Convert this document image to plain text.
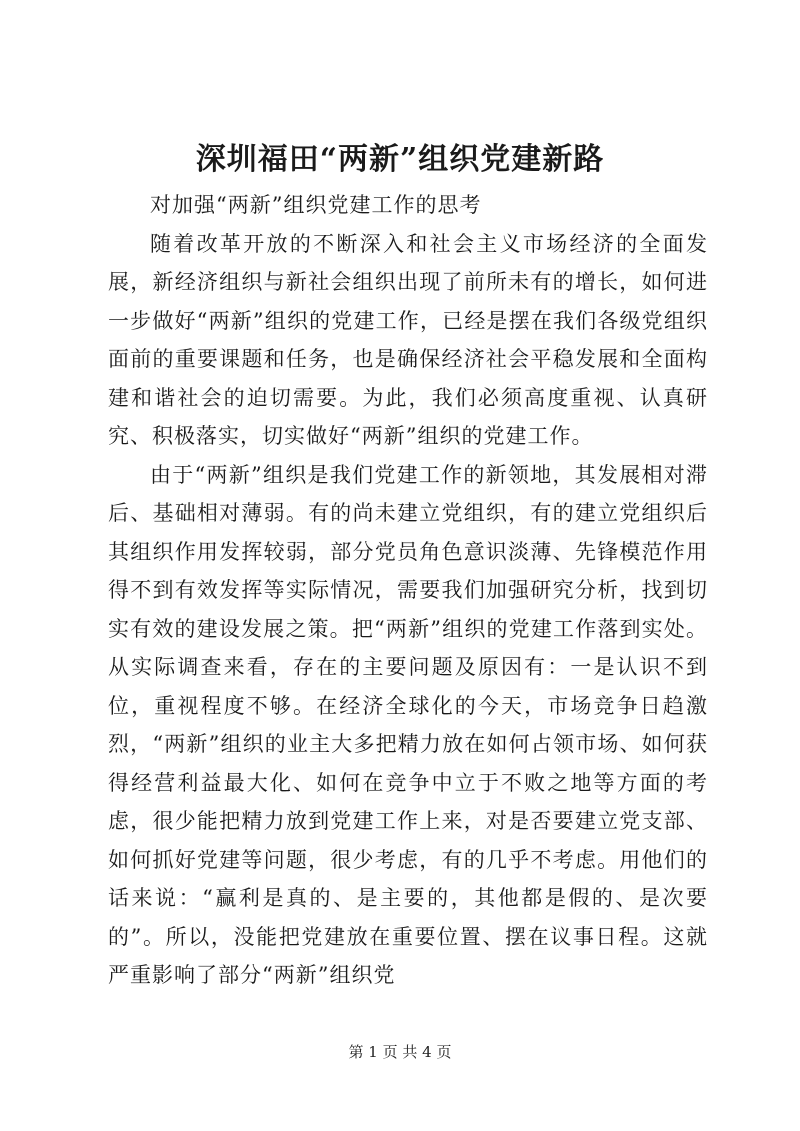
深圳福田“两新”组织党建新路

对加强“两新”组织党建工作的思考

随着改革开放的不断深入和社会主义市场经济的全面发展，新经济组织与新社会组织出现了前所未有的增长，如何进一步做好“两新”组织的党建工作，已经是摆在我们各级党组织面前的重要课题和任务，也是确保经济社会平稳发展和全面构建和谐社会的迫切需要。为此，我们必须高度重视、认真研究、积极落实，切实做好“两新”组织的党建工作。

由于“两新”组织是我们党建工作的新领地，其发展相对滞后、基础相对薄弱。有的尚未建立党组织，有的建立党组织后其组织作用发挥较弱，部分党员角色意识淡薄、先锋模范作用得不到有效发挥等实际情况，需要我们加强研究分析，找到切实有效的建设发展之策。把“两新”组织的党建工作落到实处。从实际调查来看，存在的主要问题及原因有：一是认识不到位，重视程度不够。在经济全球化的今天，市场竞争日趋激烈，“两新”组织的业主大多把精力放在如何占领市场、如何获得经营利益最大化、如何在竞争中立于不败之地等方面的考虑，很少能把精力放到党建工作上来，对是否要建立党支部、如何抓好党建等问题，很少考虑，有的几乎不考虑。用他们的话来说：“赢利是真的、是主要的，其他都是假的、是次要的”。所以，没能把党建放在重要位置、摆在议事日程。这就严重影响了部分“两新”组织党

第 1 页 共 4 页
